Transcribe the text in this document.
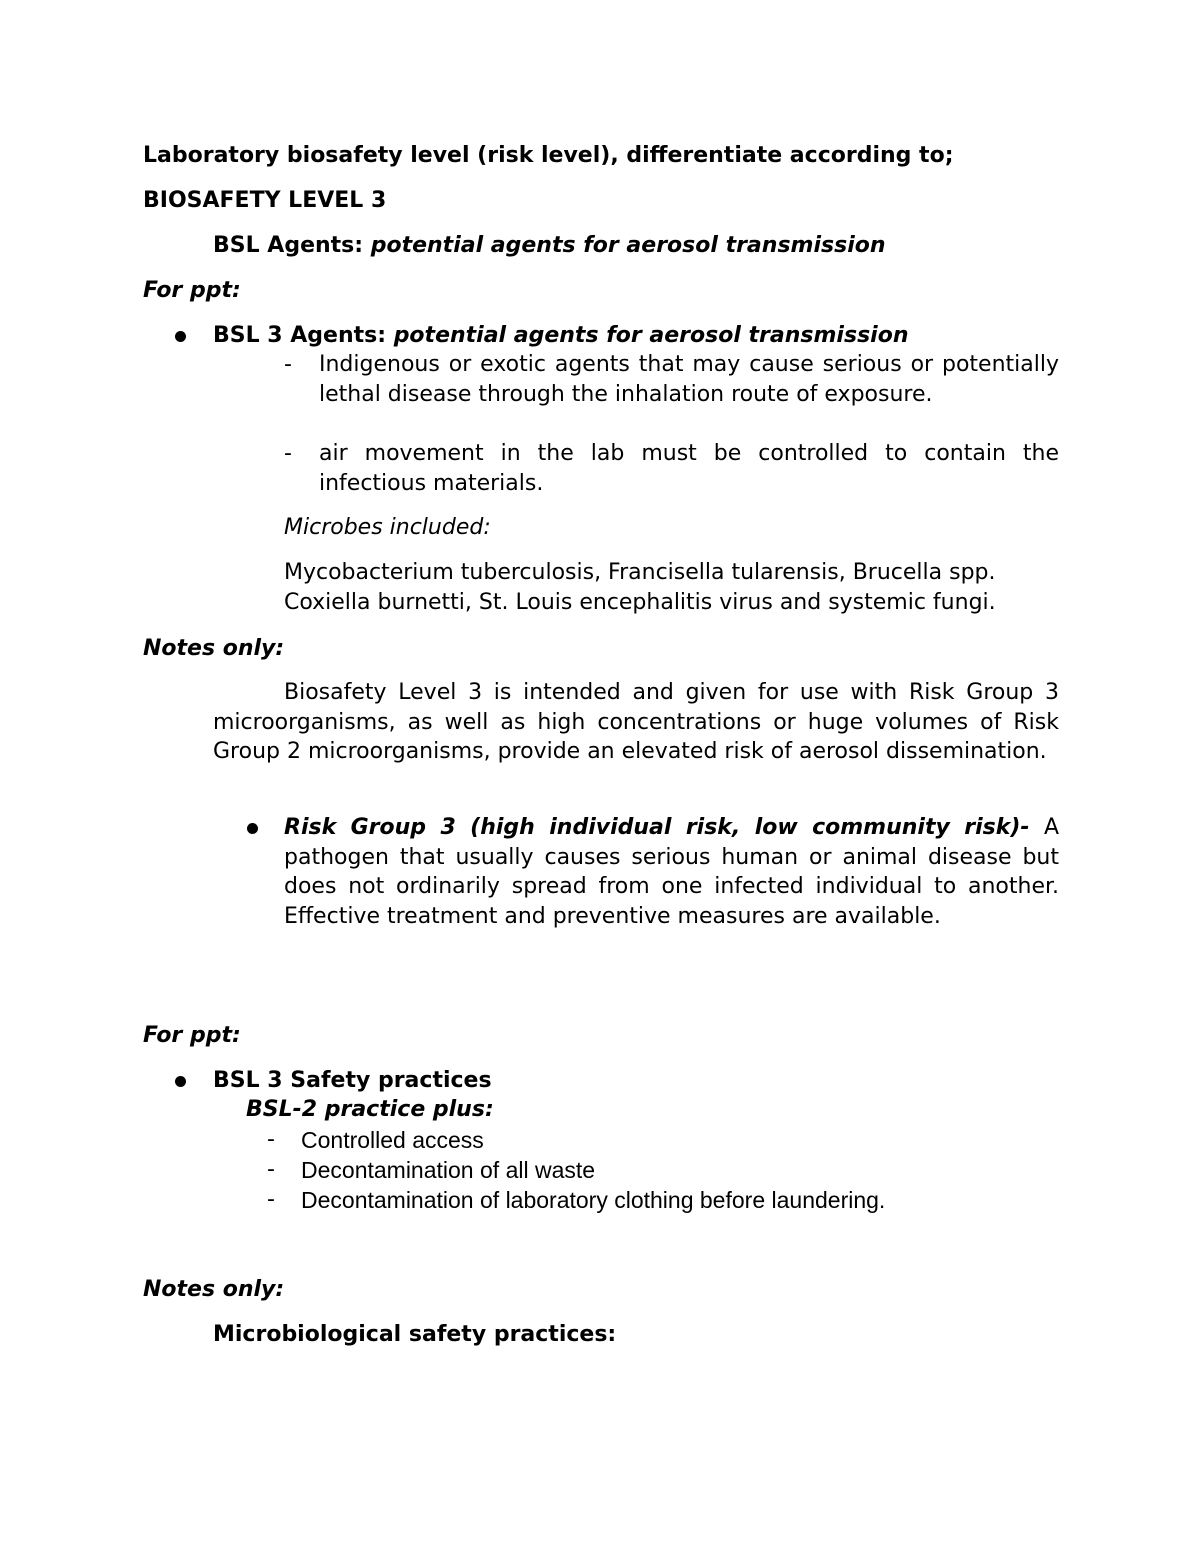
Laboratory biosafety level (risk level), differentiate according to;
BIOSAFETY LEVEL 3
BSL Agents: potential agents for aerosol transmission
For ppt:
BSL 3 Agents: potential agents for aerosol transmission
- Indigenous or exotic agents that may cause serious or potentially lethal disease through the inhalation route of exposure.
- air movement in the lab must be controlled to contain the infectious materials.
Microbes included:
Mycobacterium tuberculosis, Francisella tularensis, Brucella spp. Coxiella burnetti, St. Louis encephalitis virus and systemic fungi.
Notes only:
Biosafety Level 3 is intended and given for use with Risk Group 3 microorganisms, as well as high concentrations or huge volumes of Risk Group 2 microorganisms, provide an elevated risk of aerosol dissemination.
Risk Group 3 (high individual risk, low community risk)- A pathogen that usually causes serious human or animal disease but does not ordinarily spread from one infected individual to another. Effective treatment and preventive measures are available.
For ppt:
BSL 3 Safety practices
BSL-2 practice plus:
- Controlled access
- Decontamination of all waste
- Decontamination of laboratory clothing before laundering.
Notes only:
Microbiological safety practices:
